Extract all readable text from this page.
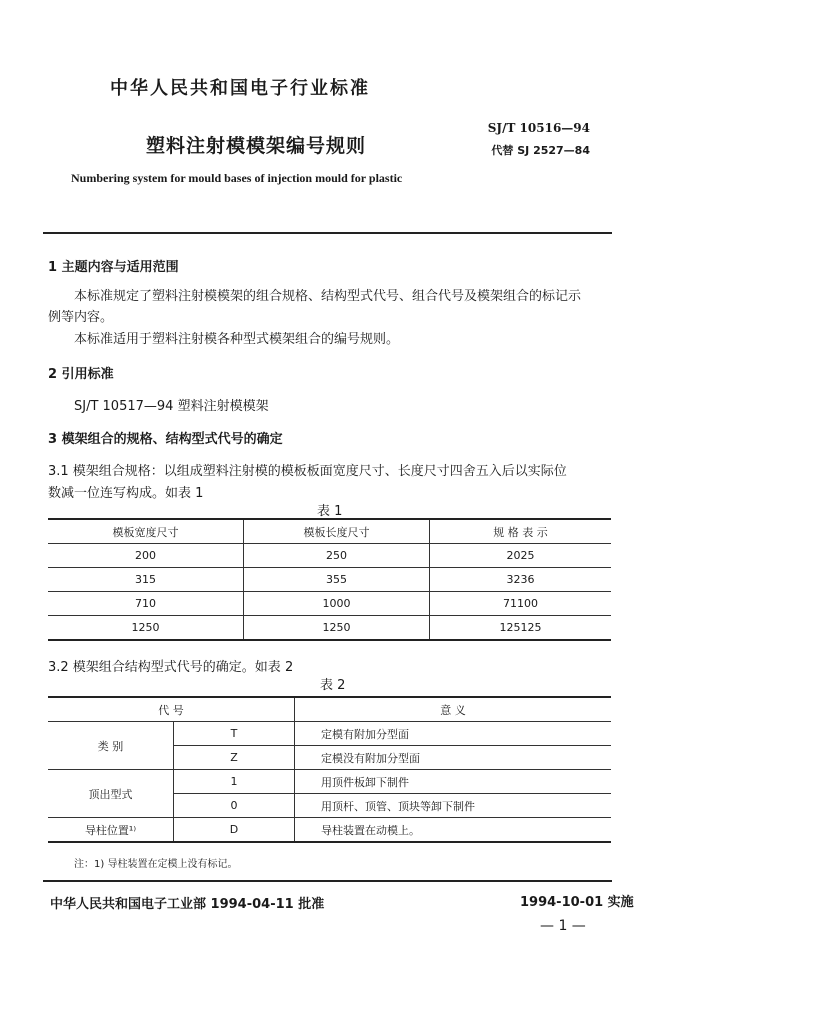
中华人民共和国电子行业标准
塑料注射模模架编号规则
SJ/T 10516—94
代替 SJ 2527—84
Numbering system for mould bases of injection mould for plastic
1 主题内容与适用范围
本标准规定了塑料注射模模架的组合规格、结构型式代号、组合代号及模架组合的标记示
例等内容。
本标准适用于塑料注射模各种型式模架组合的编号规则。
2 引用标准
SJ/T 10517—94 塑料注射模模架
3 模架组合的规格、结构型式代号的确定
3.1 模架组合规格：以组成塑料注射模的模板板面宽度尺寸、长度尺寸四舍五入后以实际位
数减一位连写构成。如表 1
表 1
模板宽度尺寸	模板长度尺寸	规 格 表 示
200	250	2025
315	355	3236
710	1000	71100
1250	1250	125125
3.2 模架组合结构型式代号的确定。如表 2
表 2
代 号		意 义
类 别	T	定模有附加分型面
	Z	定模没有附加分型面
顶出型式	1	用顶件板卸下制件
	0	用顶杆、顶管、顶块等卸下制件
导柱位置¹⁾	D	导柱装置在动模上。
注：1) 导柱装置在定模上没有标记。
中华人民共和国电子工业部 1994-04-11 批准	1994-10-01 实施
— 1 —
